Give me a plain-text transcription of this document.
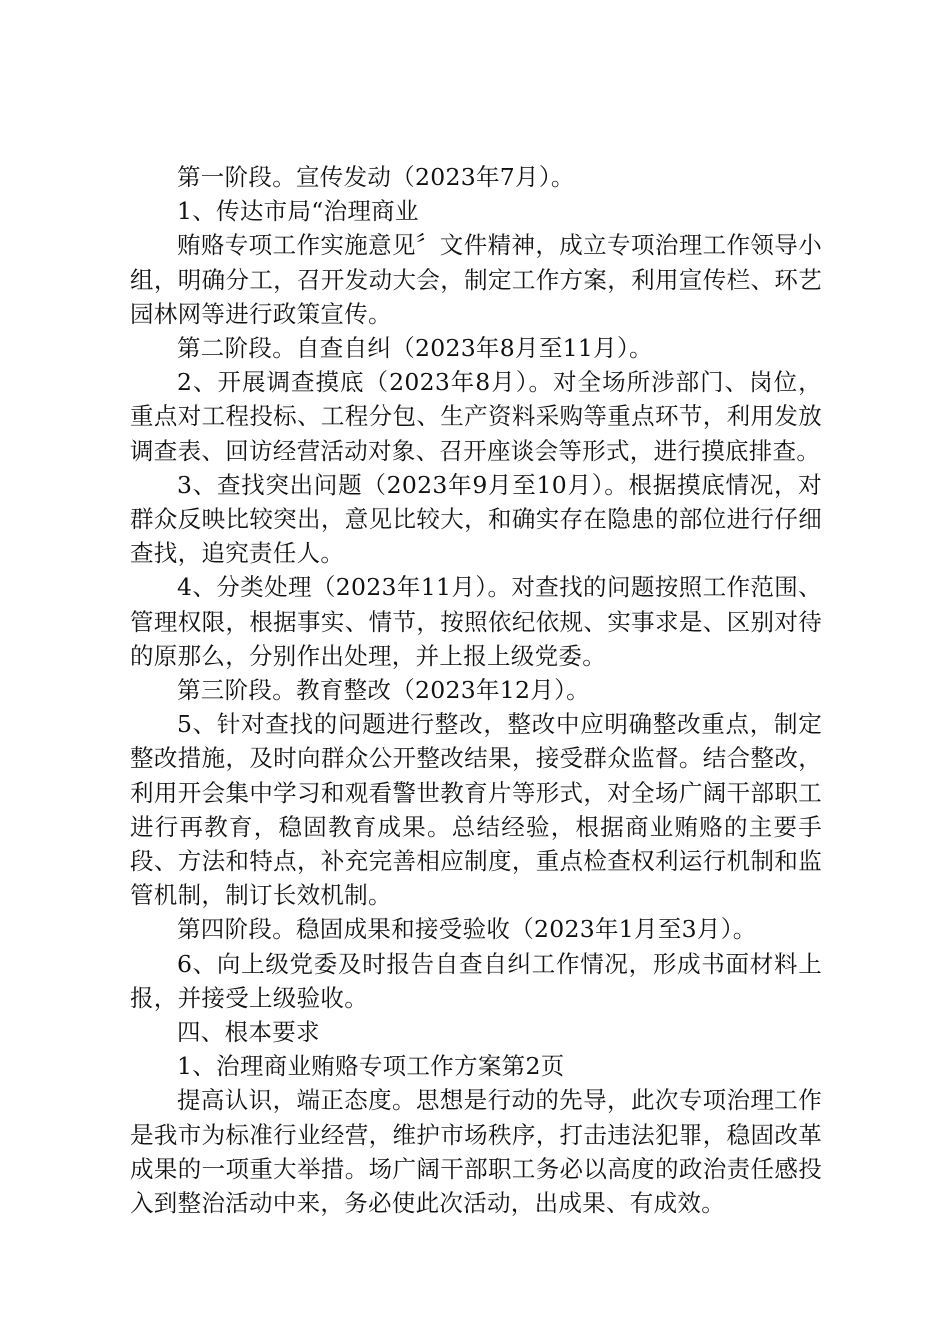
第一阶段。宣传发动（2023年7月）。

1、传达市局“治理商业

贿赂专项工作实施意见〞文件精神，成立专项治理工作领导小组，明确分工，召开发动大会，制定工作方案，利用宣传栏、环艺园林网等进行政策宣传。

第二阶段。自查自纠（2023年8月至11月）。

2、开展调查摸底（2023年8月）。对全场所涉部门、岗位，重点对工程投标、工程分包、生产资料采购等重点环节，利用发放调查表、回访经营活动对象、召开座谈会等形式，进行摸底排查。

3、查找突出问题（2023年9月至10月）。根据摸底情况，对群众反映比较突出，意见比较大，和确实存在隐患的部位进行仔细查找，追究责任人。

4、分类处理（2023年11月）。对查找的问题按照工作范围、管理权限，根据事实、情节，按照依纪依规、实事求是、区别对待的原那么，分别作出处理，并上报上级党委。

第三阶段。教育整改（2023年12月）。

5、针对查找的问题进行整改，整改中应明确整改重点，制定整改措施，及时向群众公开整改结果，接受群众监督。结合整改，利用开会集中学习和观看警世教育片等形式，对全场广阔干部职工进行再教育，稳固教育成果。总结经验，根据商业贿赂的主要手段、方法和特点，补充完善相应制度，重点检查权利运行机制和监管机制，制订长效机制。

第四阶段。稳固成果和接受验收（2023年1月至3月）。

6、向上级党委及时报告自查自纠工作情况，形成书面材料上报，并接受上级验收。

四、根本要求

1、治理商业贿赂专项工作方案第2页

提高认识，端正态度。思想是行动的先导，此次专项治理工作是我市为标准行业经营，维护市场秩序，打击违法犯罪，稳固改革成果的一项重大举措。场广阔干部职工务必以高度的政治责任感投入到整治活动中来，务必使此次活动，出成果、有成效。
